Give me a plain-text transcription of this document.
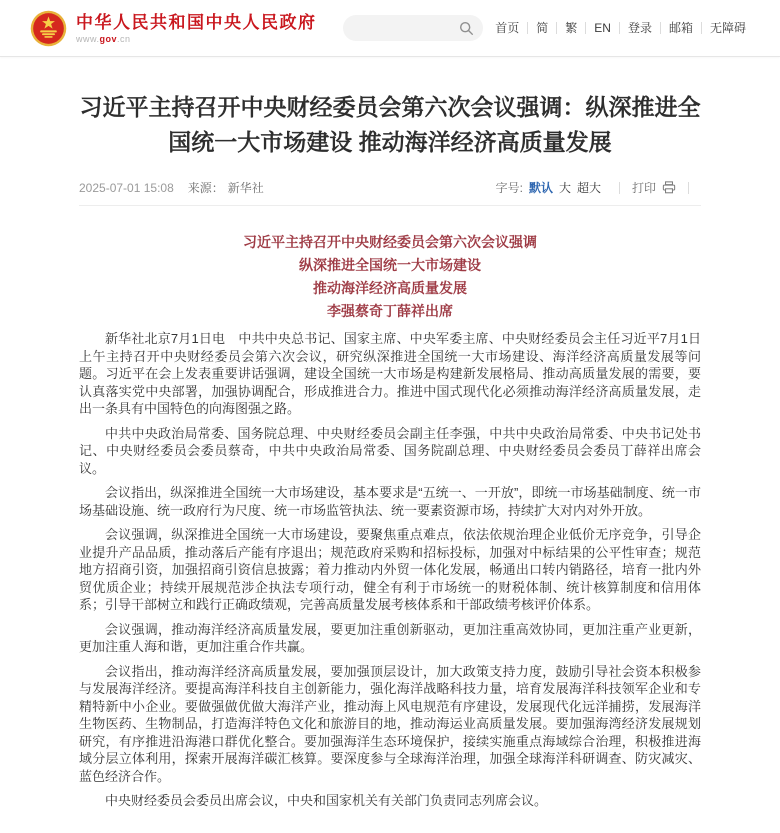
中华人民共和国中央人民政府
www.gov.cn
首页	简	繁	EN	登录	邮箱	无障碍
习近平主持召开中央财经委员会第六次会议强调：纵深推进全国统一大市场建设 推动海洋经济高质量发展
2025-07-01 15:08 来源： 新华社	字号: 默认 大 超大	打印

习近平主持召开中央财经委员会第六次会议强调

纵深推进全国统一大市场建设

推动海洋经济高质量发展

李强蔡奇丁薛祥出席

新华社北京7月1日电　中共中央总书记、国家主席、中央军委主席、中央财经委员会主任习近平7月1日上午主持召开中央财经委员会第六次会议，研究纵深推进全国统一大市场建设、海洋经济高质量发展等问题。习近平在会上发表重要讲话强调，建设全国统一大市场是构建新发展格局、推动高质量发展的需要，要认真落实党中央部署，加强协调配合，形成推进合力。推进中国式现代化必须推动海洋经济高质量发展，走出一条具有中国特色的向海图强之路。

中共中央政治局常委、国务院总理、中央财经委员会副主任李强，中共中央政治局常委、中央书记处书记、中央财经委员会委员蔡奇，中共中央政治局常委、国务院副总理、中央财经委员会委员丁薛祥出席会议。

会议指出，纵深推进全国统一大市场建设，基本要求是“五统一、一开放”，即统一市场基础制度、统一市场基础设施、统一政府行为尺度、统一市场监管执法、统一要素资源市场，持续扩大对内对外开放。

会议强调，纵深推进全国统一大市场建设，要聚焦重点难点，依法依规治理企业低价无序竞争，引导企业提升产品品质，推动落后产能有序退出；规范政府采购和招标投标，加强对中标结果的公平性审查；规范地方招商引资，加强招商引资信息披露；着力推动内外贸一体化发展，畅通出口转内销路径，培育一批内外贸优质企业；持续开展规范涉企执法专项行动，健全有利于市场统一的财税体制、统计核算制度和信用体系；引导干部树立和践行正确政绩观，完善高质量发展考核体系和干部政绩考核评价体系。

会议强调，推动海洋经济高质量发展，要更加注重创新驱动，更加注重高效协同，更加注重产业更新，更加注重人海和谐，更加注重合作共赢。

会议指出，推动海洋经济高质量发展，要加强顶层设计，加大政策支持力度，鼓励引导社会资本积极参与发展海洋经济。要提高海洋科技自主创新能力，强化海洋战略科技力量，培育发展海洋科技领军企业和专精特新中小企业。要做强做优做大海洋产业，推动海上风电规范有序建设，发展现代化远洋捕捞，发展海洋生物医药、生物制品，打造海洋特色文化和旅游目的地，推动海运业高质量发展。要加强海湾经济发展规划研究，有序推进沿海港口群优化整合。要加强海洋生态环境保护，接续实施重点海域综合治理，积极推进海域分层立体利用，探索开展海洋碳汇核算。要深度参与全球海洋治理，加强全球海洋科研调查、防灾减灾、蓝色经济合作。

中央财经委员会委员出席会议，中央和国家机关有关部门负责同志列席会议。
